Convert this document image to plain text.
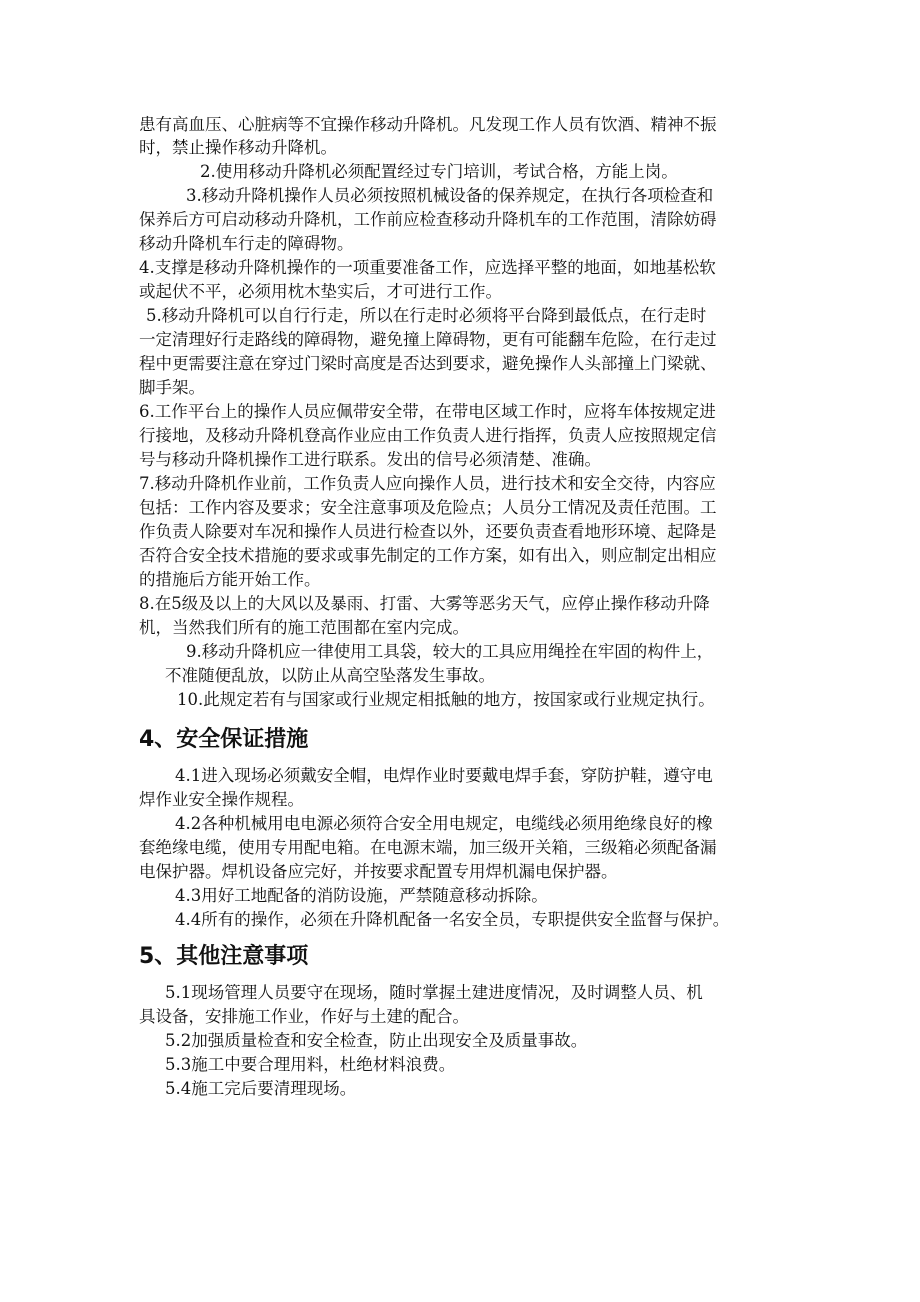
患有高血压、心脏病等不宜操作移动升降机。凡发现工作人员有饮酒、精神不振
时，禁止操作移动升降机。
2.使用移动升降机必须配置经过专门培训，考试合格，方能上岗。
3.移动升降机操作人员必须按照机械设备的保养规定，在执行各项检查和
保养后方可启动移动升降机，工作前应检查移动升降机车的工作范围，清除妨碍
移动升降机车行走的障碍物。
4.支撑是移动升降机操作的一项重要准备工作，应选择平整的地面，如地基松软
或起伏不平，必须用枕木垫实后，才可进行工作。
5.移动升降机可以自行行走，所以在行走时必须将平台降到最低点，在行走时
一定清理好行走路线的障碍物，避免撞上障碍物，更有可能翻车危险，在行走过
程中更需要注意在穿过门梁时高度是否达到要求，避免操作人头部撞上门梁就、
脚手架。
6.工作平台上的操作人员应佩带安全带，在带电区域工作时，应将车体按规定进
行接地，及移动升降机登高作业应由工作负责人进行指挥，负责人应按照规定信
号与移动升降机操作工进行联系。发出的信号必须清楚、准确。
7.移动升降机作业前，工作负责人应向操作人员，进行技术和安全交待，内容应
包括：工作内容及要求；安全注意事项及危险点；人员分工情况及责任范围。工
作负责人除要对车况和操作人员进行检查以外，还要负责查看地形环境、起降是
否符合安全技术措施的要求或事先制定的工作方案，如有出入，则应制定出相应
的措施后方能开始工作。
8.在5级及以上的大风以及暴雨、打雷、大雾等恶劣天气，应停止操作移动升降
机，当然我们所有的施工范围都在室内完成。
9.移动升降机应一律使用工具袋，较大的工具应用绳拴在牢固的构件上，
不准随便乱放，以防止从高空坠落发生事故。
10.此规定若有与国家或行业规定相抵触的地方，按国家或行业规定执行。
4、安全保证措施
4.1进入现场必须戴安全帽，电焊作业时要戴电焊手套，穿防护鞋，遵守电
焊作业安全操作规程。
4.2各种机械用电电源必须符合安全用电规定，电缆线必须用绝缘良好的橡
套绝缘电缆，使用专用配电箱。在电源末端，加三级开关箱，三级箱必须配备漏
电保护器。焊机设备应完好，并按要求配置专用焊机漏电保护器。
4.3用好工地配备的消防设施，严禁随意移动拆除。
4.4所有的操作，必须在升降机配备一名安全员，专职提供安全监督与保护。
5、其他注意事项
5.1现场管理人员要守在现场，随时掌握土建进度情况，及时调整人员、机
具设备，安排施工作业，作好与土建的配合。
5.2加强质量检查和安全检查，防止出现安全及质量事故。
5.3施工中要合理用料，杜绝材料浪费。
5.4施工完后要清理现场。
